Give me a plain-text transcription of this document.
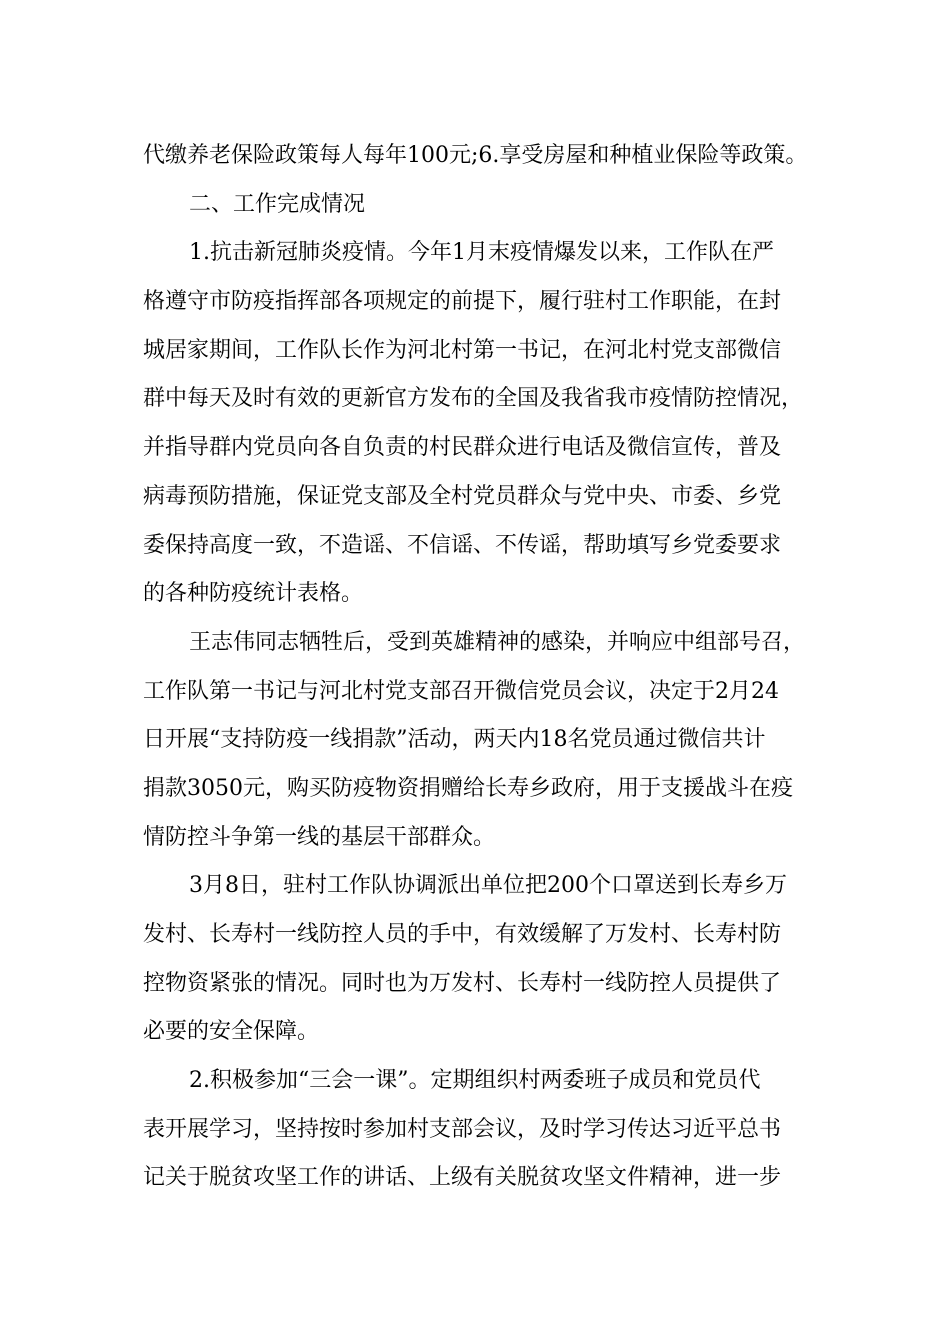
代缴养老保险政策每人每年100元;6.享受房屋和种植业保险等政策。
二、工作完成情况
1.抗击新冠肺炎疫情。今年1月末疫情爆发以来，工作队在严
格遵守市防疫指挥部各项规定的前提下，履行驻村工作职能，在封
城居家期间，工作队长作为河北村第一书记，在河北村党支部微信
群中每天及时有效的更新官方发布的全国及我省我市疫情防控情况，
并指导群内党员向各自负责的村民群众进行电话及微信宣传，普及
病毒预防措施，保证党支部及全村党员群众与党中央、市委、乡党
委保持高度一致，不造谣、不信谣、不传谣，帮助填写乡党委要求
的各种防疫统计表格。
王志伟同志牺牲后，受到英雄精神的感染，并响应中组部号召，
工作队第一书记与河北村党支部召开微信党员会议，决定于2月24
日开展“支持防疫一线捐款”活动，两天内18名党员通过微信共计
捐款3050元，购买防疫物资捐赠给长寿乡政府，用于支援战斗在疫
情防控斗争第一线的基层干部群众。
3月8日，驻村工作队协调派出单位把200个口罩送到长寿乡万
发村、长寿村一线防控人员的手中，有效缓解了万发村、长寿村防
控物资紧张的情况。同时也为万发村、长寿村一线防控人员提供了
必要的安全保障。
2.积极参加“三会一课”。定期组织村两委班子成员和党员代
表开展学习，坚持按时参加村支部会议，及时学习传达习近平总书
记关于脱贫攻坚工作的讲话、上级有关脱贫攻坚文件精神，进一步
